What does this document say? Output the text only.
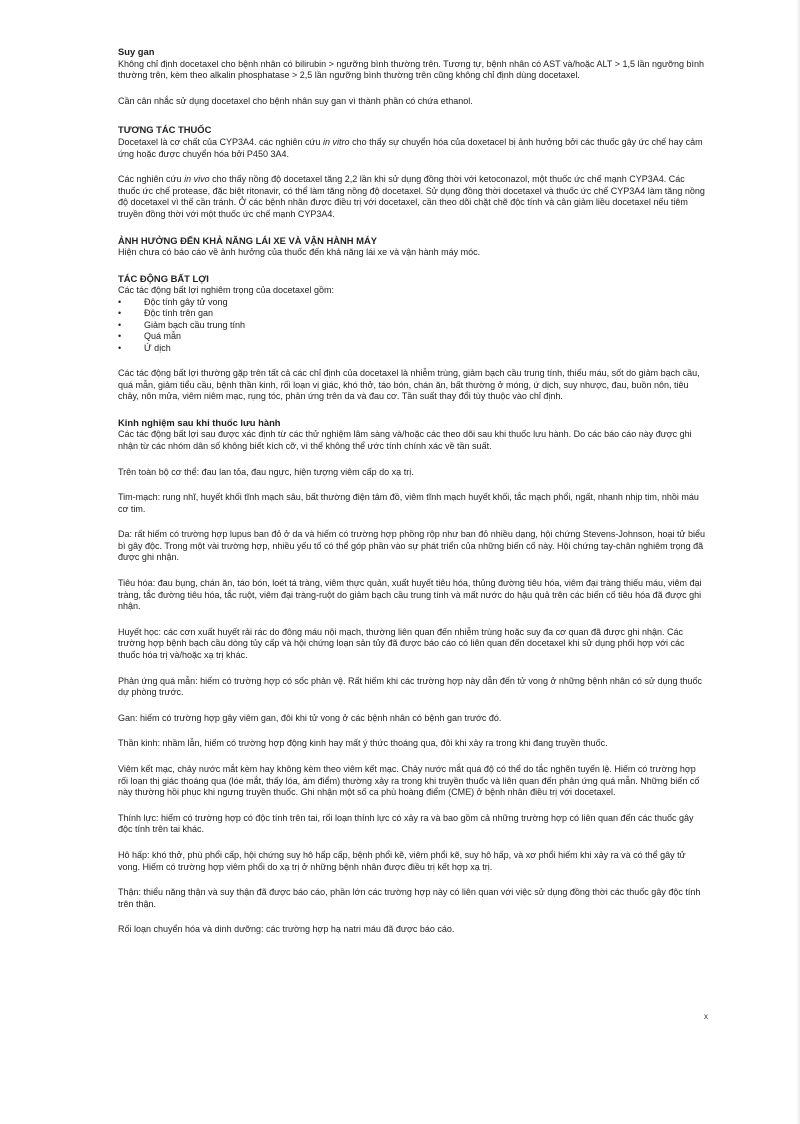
Suy gan

Không chỉ định docetaxel cho bệnh nhân có bilirubin > ngưỡng bình thường trên. Tương tự, bệnh nhân có AST và/hoặc ALT > 1,5 lần ngưỡng bình thường trên, kèm theo alkalin phosphatase > 2,5 lần ngưỡng bình thường trên cũng không chỉ định dùng docetaxel.

Cần cân nhắc sử dụng docetaxel cho bệnh nhân suy gan vì thành phần có chứa ethanol.

TƯƠNG TÁC THUỐC

Docetaxel là cơ chất của CYP3A4. các nghiên cứu in vitro cho thấy sự chuyển hóa của doxetacel bị ảnh hưởng bởi các thuốc gây ức chế hay cảm ứng hoặc được chuyển hóa bởi P450 3A4.

Các nghiên cứu in vivo cho thấy nồng độ docetaxel tăng 2,2 lần khi sử dụng đồng thời với ketoconazol, một thuốc ức chế mạnh CYP3A4. Các thuốc ức chế protease, đặc biệt ritonavir, có thể làm tăng nồng độ docetaxel. Sử dụng đồng thời docetaxel và thuốc ức chế CYP3A4 làm tăng nồng độ docetaxel vì thế cần tránh. Ở các bệnh nhân được điều trị với docetaxel, cần theo dõi chặt chẽ độc tính và cân giảm liều docetaxel nếu tiêm truyền đồng thời với một thuốc ức chế mạnh CYP3A4.

ẢNH HƯỞNG ĐẾN KHẢ NĂNG LÁI XE VÀ VẬN HÀNH MÁY

Hiện chưa có báo cáo về ảnh hưởng của thuốc đến khả năng lái xe và vận hành máy móc.

TÁC ĐỘNG BẤT LỢI

Các tác động bất lợi nghiêm trọng của docetaxel gồm:

• Độc tính gây tử vong
• Độc tính trên gan
• Giảm bạch cầu trung tính
• Quá mẫn
• Ứ dịch

Các tác động bất lợi thường gặp trên tất cả các chỉ định của docetaxel là nhiễm trùng, giảm bạch cầu trung tính, thiếu máu, sốt do giảm bạch cầu, quá mẫn, giảm tiểu cầu, bệnh thần kinh, rối loạn vị giác, khó thở, táo bón, chán ăn, bất thường ở móng, ứ dịch, suy nhược, đau, buồn nôn, tiêu chảy, nôn mửa, viêm niêm mạc, rụng tóc, phản ứng trên da và đau cơ. Tần suất thay đổi tùy thuộc vào chỉ định.

Kinh nghiệm sau khi thuốc lưu hành

Các tác động bất lợi sau được xác định từ các thử nghiệm lâm sàng và/hoặc các theo dõi sau khi thuốc lưu hành. Do các báo cáo này được ghi nhận từ các nhóm dân số không biết kích cỡ, vì thế không thể ước tính chính xác về tần suất.

Trên toàn bộ cơ thể: đau lan tỏa, đau ngực, hiện tượng viêm cấp do xạ trị.

Tim-mạch: rung nhĩ, huyết khối tĩnh mạch sâu, bất thường điện tâm đồ, viêm tĩnh mạch huyết khối, tắc mạch phổi, ngất, nhanh nhịp tim, nhồi máu cơ tim.

Da: rất hiếm có trường hợp lupus ban đỏ ở da và hiếm có trường hợp phồng rộp như ban đỏ nhiều dạng, hội chứng Stevens-Johnson, hoại tử biểu bì gây độc. Trong một vài trường hợp, nhiều yếu tố có thể góp phần vào sự phát triển của những biến cố này. Hội chứng tay-chân nghiêm trọng đã được ghi nhận.

Tiêu hóa: đau bụng, chán ăn, táo bón, loét tá tràng, viêm thực quản, xuất huyết tiêu hóa, thủng đường tiêu hóa, viêm đại tràng thiếu máu, viêm đại tràng, tắc đường tiêu hóa, tắc ruột, viêm đại tràng-ruột do giảm bạch cầu trung tính và mất nước do hậu quả trên các biến cố tiêu hóa đã được ghi nhận.

Huyết học: các cơn xuất huyết rải rác do đông máu nội mạch, thường liên quan đến nhiễm trùng hoặc suy đa cơ quan đã được ghi nhận. Các trường hợp bệnh bạch cầu dòng tủy cấp và hội chứng loạn sản tủy đã được báo cáo có liên quan đến docetaxel khi sử dụng phối hợp với các thuốc hóa trị và/hoặc xạ trị khác.

Phản ứng quá mẫn: hiếm có trường hợp có sốc phản vệ. Rất hiếm khi các trường hợp này dẫn đến tử vong ở những bệnh nhân có sử dụng thuốc dự phòng trước.

Gan: hiếm có trường hợp gây viêm gan, đôi khi tử vong ở các bệnh nhân có bệnh gan trước đó.

Thần kinh: nhầm lẫn, hiếm có trường hợp động kinh hay mất ý thức thoáng qua, đôi khi xảy ra trong khi đang truyền thuốc.

Viêm kết mạc, chảy nước mắt kèm hay không kèm theo viêm kết mạc. Chảy nước mắt quá độ có thể do tắc nghẽn tuyến lệ. Hiếm có trường hợp rối loạn thị giác thoáng qua (lóe mắt, thấy lóa, ám điểm) thường xảy ra trong khi truyền thuốc và liên quan đến phản ứng quá mẫn. Những biến cố này thường hồi phục khi ngưng truyền thuốc. Ghi nhận một số ca phù hoàng điểm (CME) ở bệnh nhân điều trị với docetaxel.

Thính lực: hiếm có trường hợp có độc tính trên tai, rối loạn thính lực có xảy ra và bao gồm cả những trường hợp có liên quan đến các thuốc gây độc tính trên tai khác.

Hô hấp: khó thở, phù phổi cấp, hội chứng suy hô hấp cấp, bệnh phổi kẽ, viêm phổi kẽ, suy hô hấp, và xơ phổi hiếm khi xảy ra và có thể gây tử vong. Hiếm có trường hợp viêm phổi do xạ trị ở những bệnh nhân được điều trị kết hợp xạ trị.

Thận: thiểu năng thận và suy thận đã được báo cáo, phần lớn các trường hợp này có liên quan với việc sử dụng đồng thời các thuốc gây độc tính trên thận.

Rối loạn chuyển hóa và dinh dưỡng: các trường hợp hạ natri máu đã được báo cáo.

x
